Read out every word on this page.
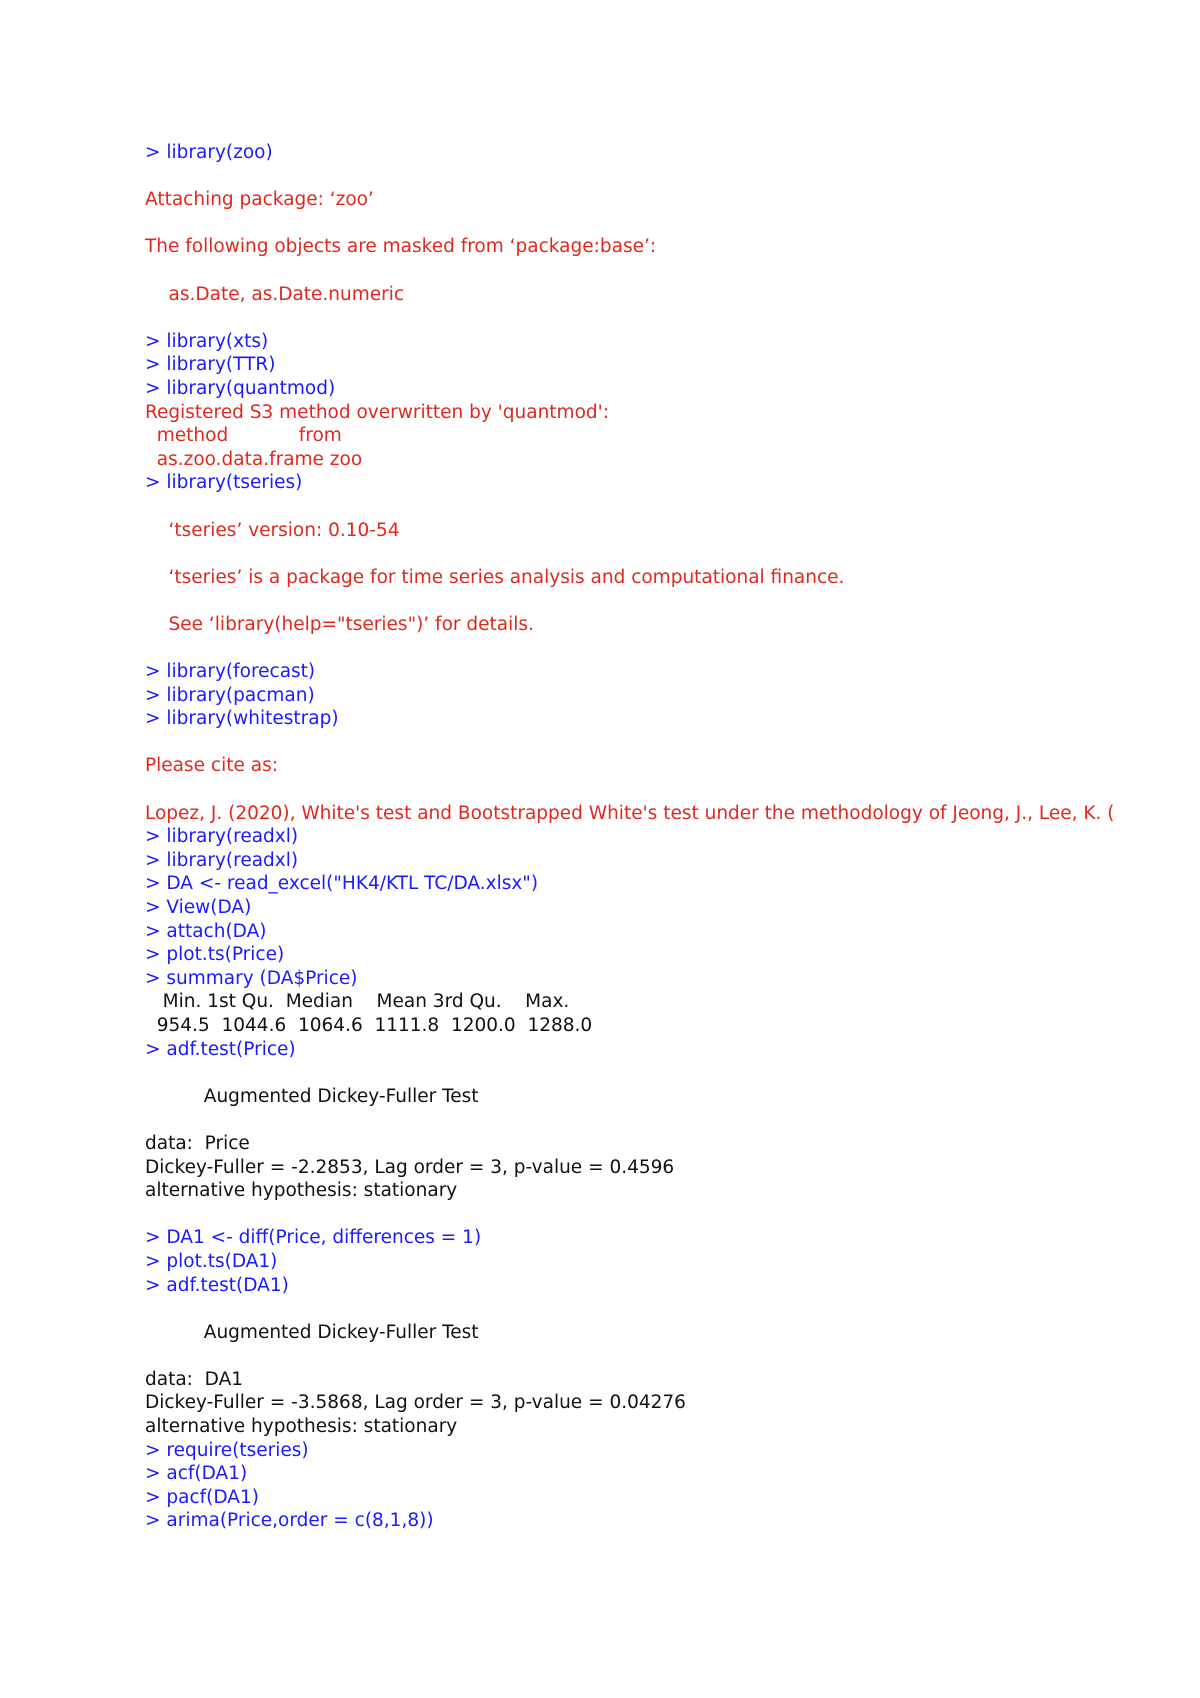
> library(zoo)
Attaching package: ‘zoo’
The following objects are masked from ‘package:base’:
as.Date, as.Date.numeric
> library(xts)
> library(TTR)
> library(quantmod)
Registered S3 method overwritten by 'quantmod':
method            from
as.zoo.data.frame zoo
> library(tseries)
‘tseries’ version: 0.10-54
‘tseries’ is a package for time series analysis and computational finance.
See ‘library(help="tseries")’ for details.
> library(forecast)
> library(pacman)
> library(whitestrap)
Please cite as:
Lopez, J. (2020), White's test and Bootstrapped White's test under the methodology of Jeong, J., Lee, K. (
> library(readxl)
> library(readxl)
> DA <- read_excel("HK4/KTL TC/DA.xlsx")
> View(DA)
> attach(DA)
> plot.ts(Price)
> summary (DA$Price)
Min. 1st Qu.  Median    Mean 3rd Qu.    Max.
954.5  1044.6  1064.6  1111.8  1200.0  1288.0
> adf.test(Price)
Augmented Dickey-Fuller Test
data:  Price
Dickey-Fuller = -2.2853, Lag order = 3, p-value = 0.4596
alternative hypothesis: stationary
> DA1 <- diff(Price, differences = 1)
> plot.ts(DA1)
> adf.test(DA1)
Augmented Dickey-Fuller Test
data:  DA1
Dickey-Fuller = -3.5868, Lag order = 3, p-value = 0.04276
alternative hypothesis: stationary
> require(tseries)
> acf(DA1)
> pacf(DA1)
> arima(Price,order = c(8,1,8))
